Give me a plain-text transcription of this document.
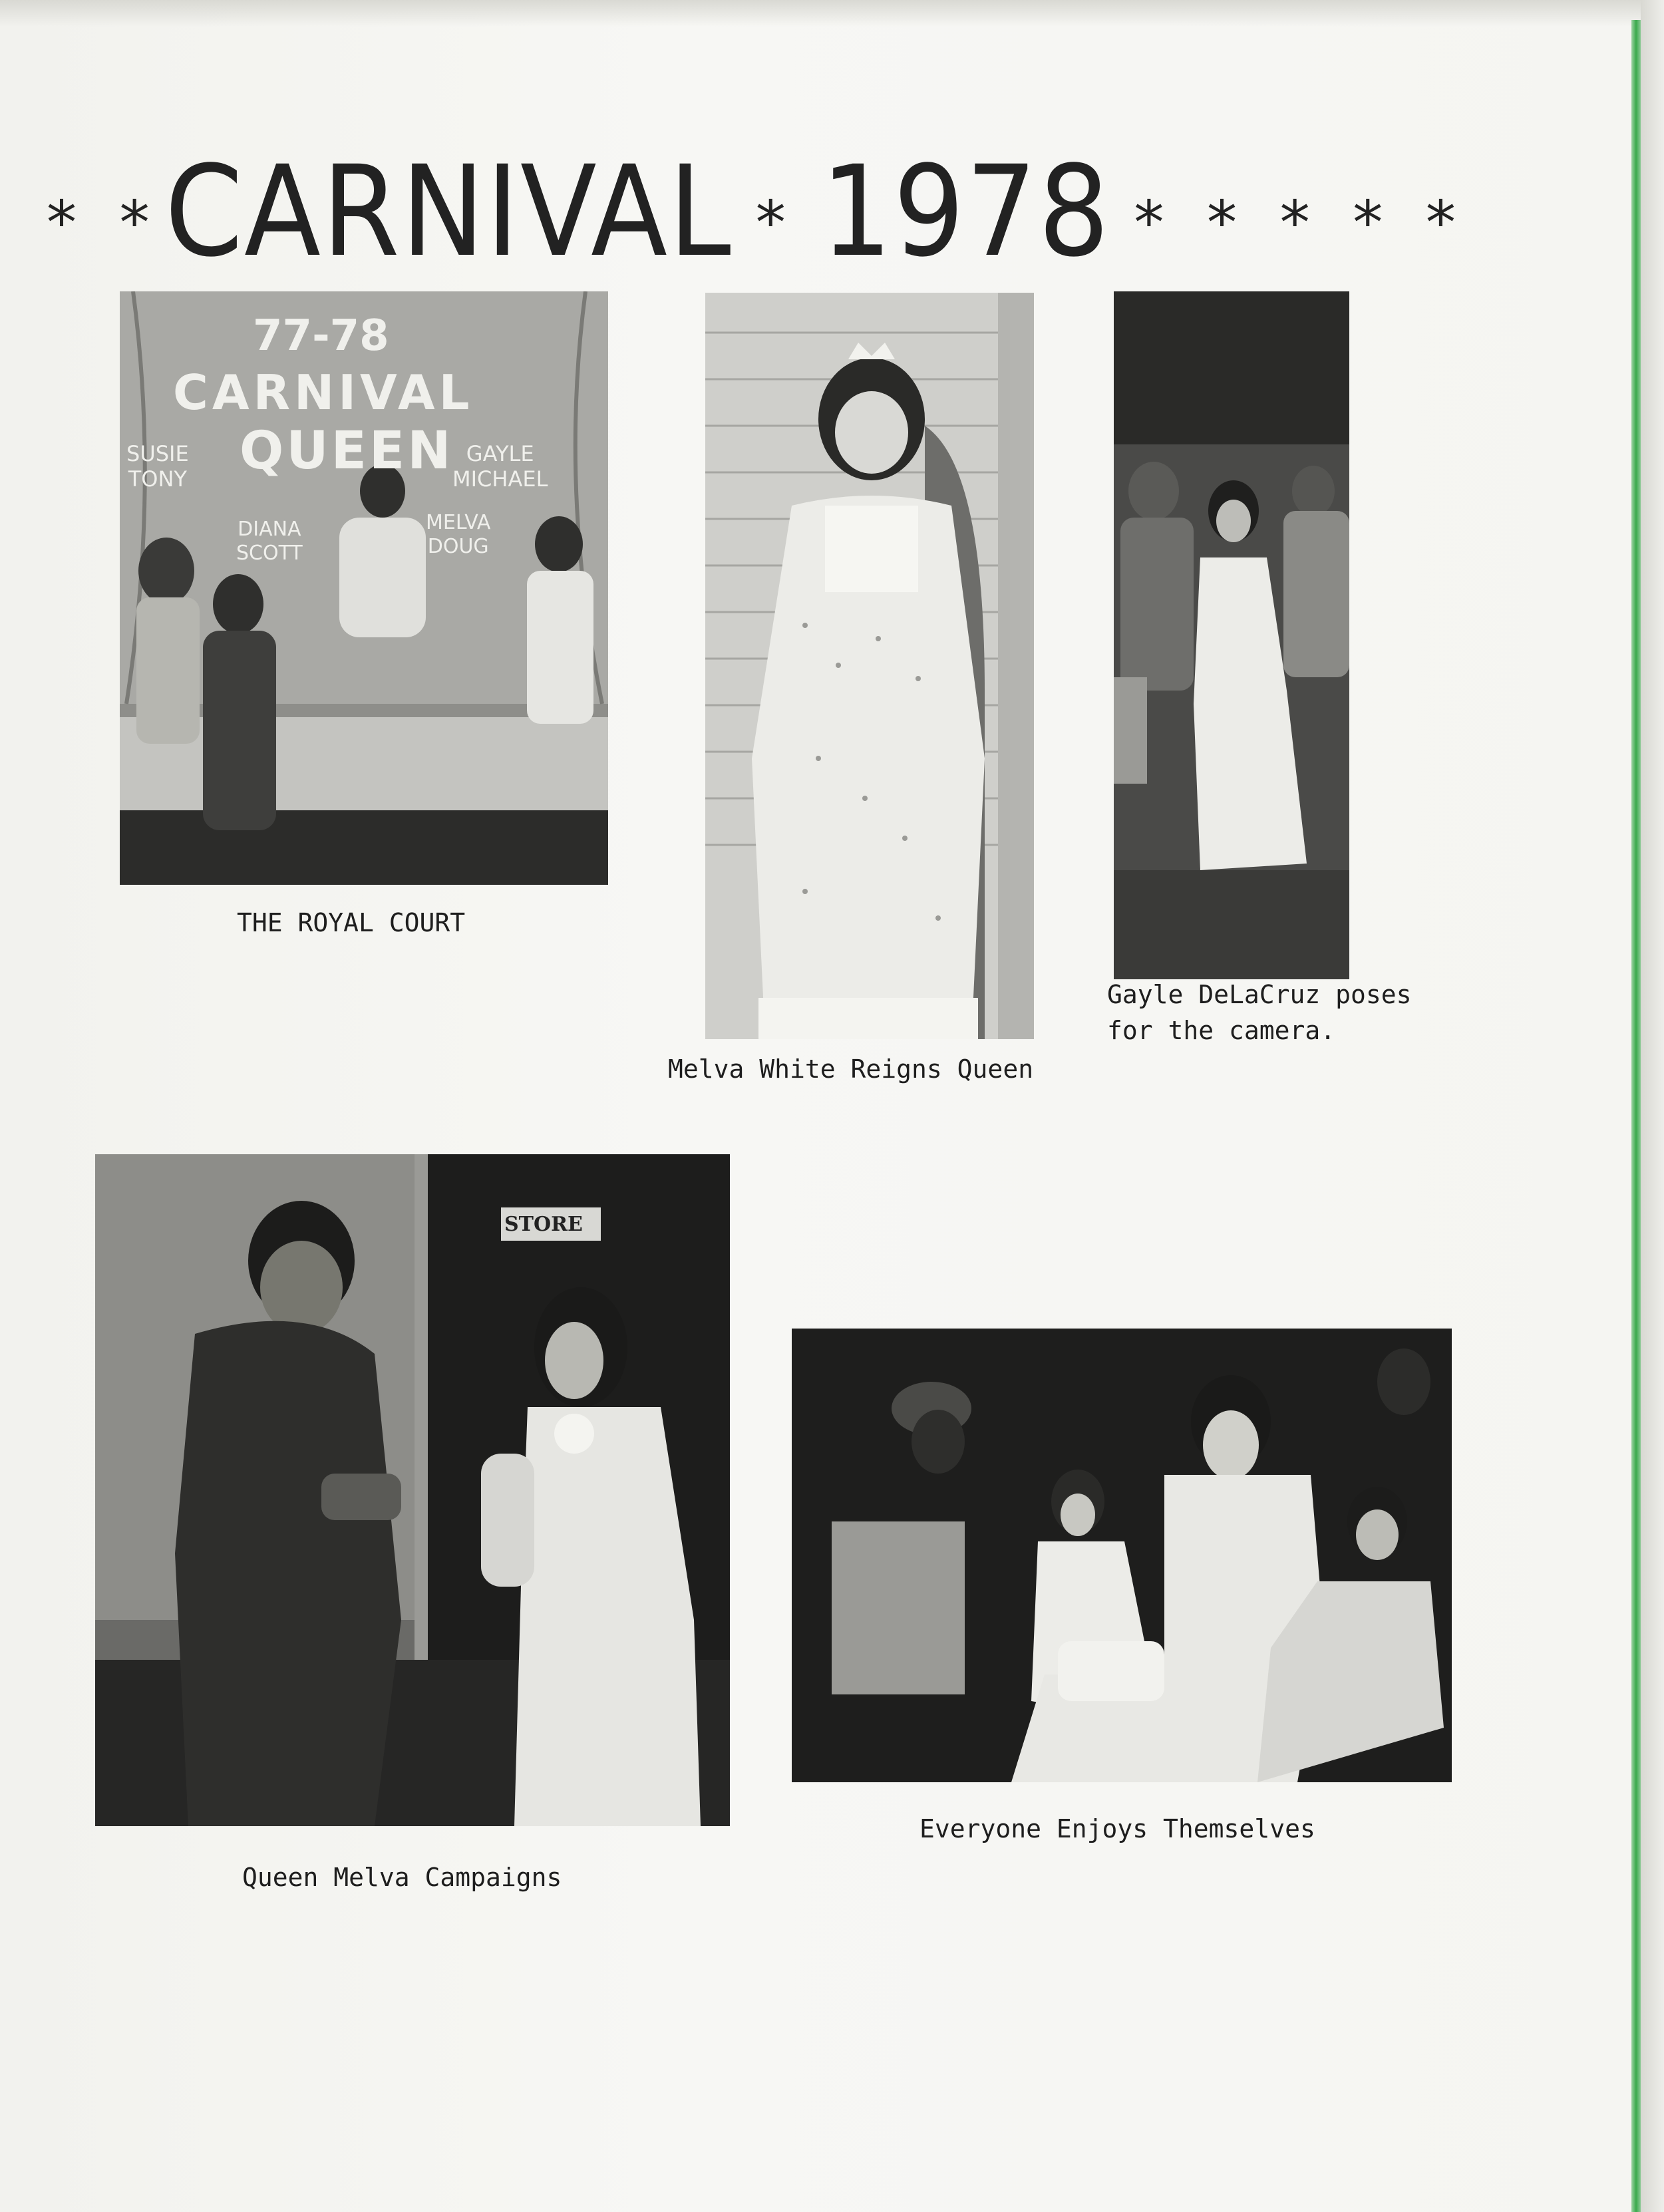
* * CARNIVAL * 1978 * * * * *
77-78
CARNIVAL
QUEEN
SUSIE
TONY
GAYLE
MICHAEL
DIANA
SCOTT
MELVA
DOUG
STORE
THE ROYAL COURT
Melva White Reigns Queen
Gayle DeLaCruz poses
for the camera.
Queen Melva Campaigns
Everyone Enjoys Themselves
